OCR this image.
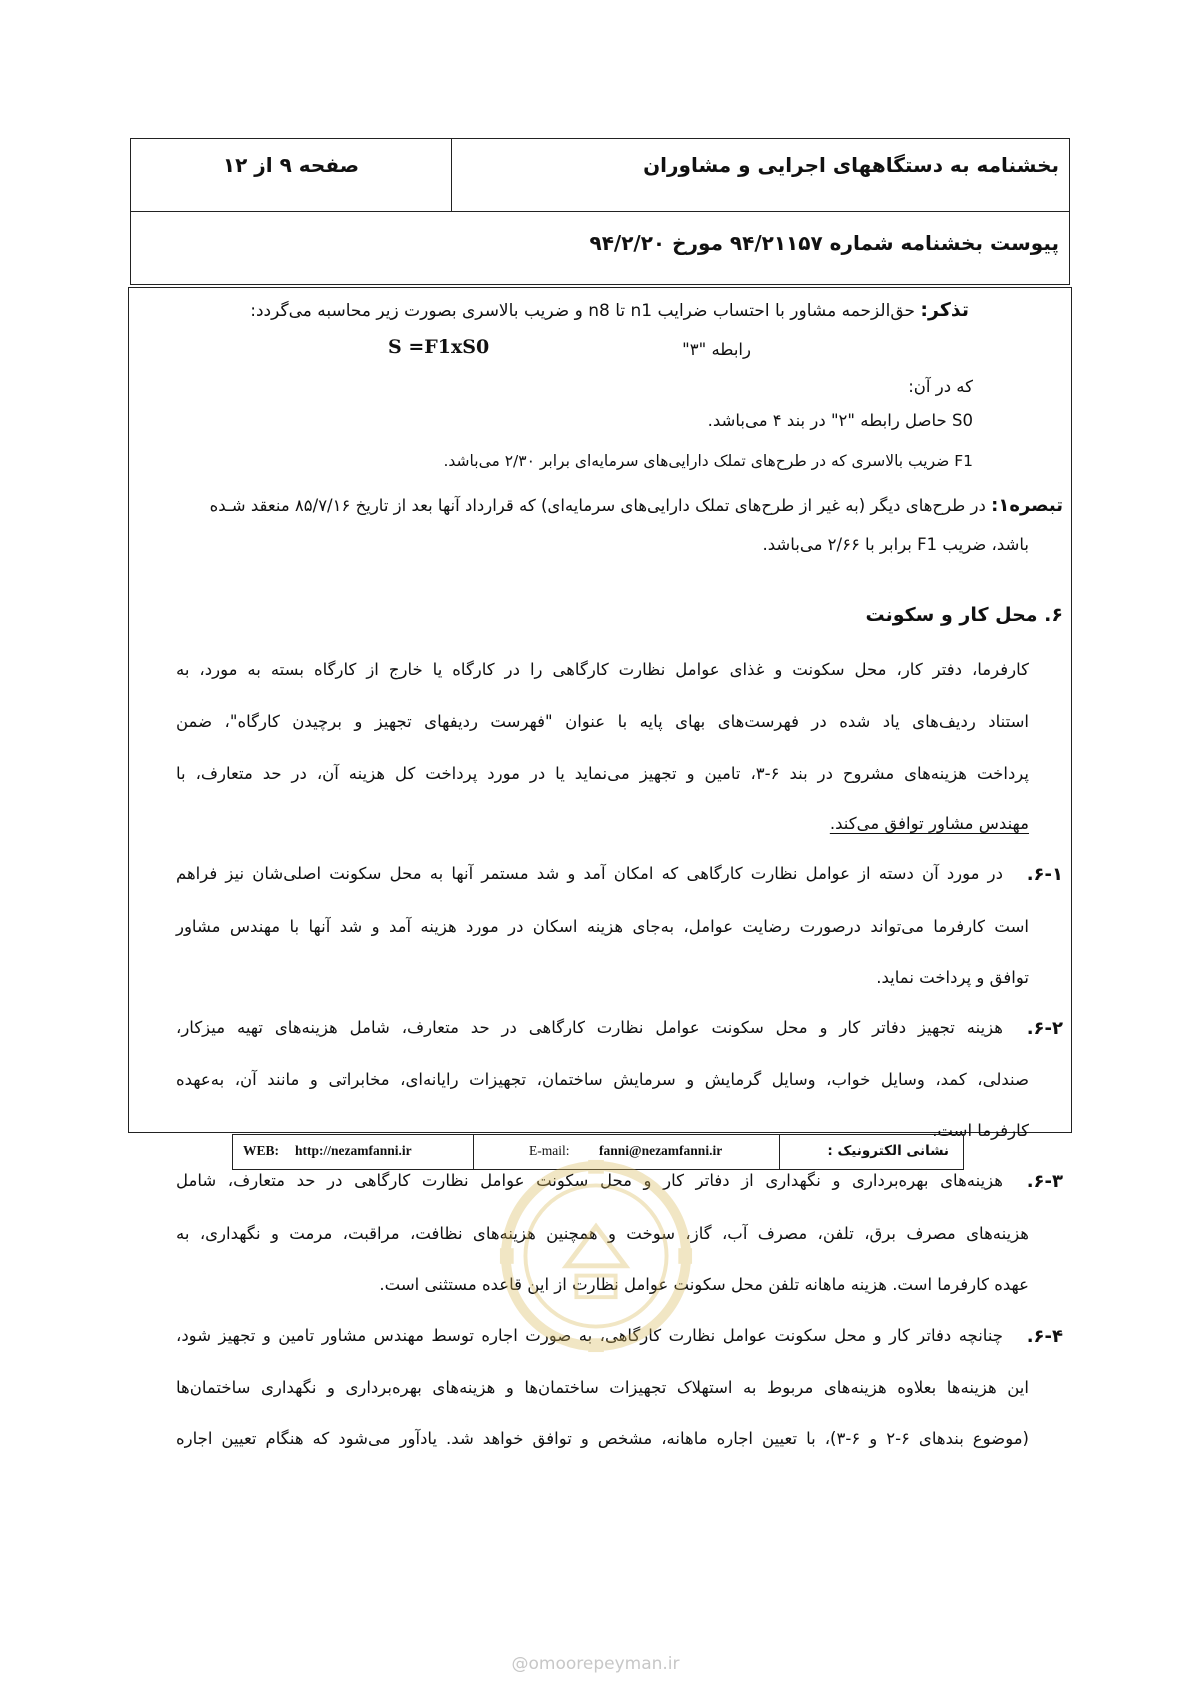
بخشنامه به دستگاههای اجرایی و مشاوران
صفحه ۹ از ۱۲
پیوست بخشنامه شماره ۹۴/۲۱۱۵۷ مورخ ۹۴/۲/۲۰
تذکر: حق‌الزحمه مشاور با احتساب ضرایب n1 تا n8 و ضریب بالاسری بصورت زیر محاسبه می‌گردد:
S =F1xS0	رابطه "۳"
که در آن:
S0 حاصل رابطه "۲" در بند ۴ می‌باشد.
F1 ضریب بالاسری که در طرح‌های تملک دارایی‌های سرمایه‌ای برابر ۲/۳۰ می‌باشد.
تبصره۱: در طرح‌های دیگر (به غیر از طرح‌های تملک دارایی‌های سرمایه‌ای) که قرارداد آنها بعد از تاریخ ۸۵/۷/۱۶ منعقد شـده
باشد، ضریب F1 برابر با ۲/۶۶ می‌باشد.
۶. محل کار و سکونت
کارفرما، دفتر کار، محل سکونت و غذای عوامل نظارت کارگاهی را در کارگاه یا خارج از کارگاه بسته به مورد، به
استناد ردیف‌های یاد شده در فهرست‌های بهای پایه با عنوان "فهرست ردیفهای تجهیز و برچیدن کارگاه"، ضمن
پرداخت هزینه‌های مشروح در بند ۶-۳، تامین و تجهیز می‌نماید یا در مورد پرداخت کل هزینه آن، در حد متعارف، با
مهندس مشاور توافق می‌کند.
۶-۱.
در مورد آن دسته از عوامل نظارت کارگاهی که امکان آمد و شد مستمر آنها به محل سکونت اصلی‌شان نیز فراهم
است کارفرما می‌تواند درصورت رضایت عوامل، به‌جای هزینه اسکان در مورد هزینه آمد و شد آنها با مهندس مشاور
توافق و پرداخت نماید.
۶-۲.
هزینه تجهیز دفاتر کار و محل سکونت عوامل نظارت کارگاهی در حد متعارف، شامل هزینه‌های تهیه میزکار،
صندلی، کمد، وسایل خواب، وسایل گرمایش و سرمایش ساختمان، تجهیزات رایانه‌ای، مخابراتی و مانند آن، به‌عهده
کارفرما است.
۶-۳.
هزینه‌های بهره‌برداری و نگهداری از دفاتر کار و محل سکونت عوامل نظارت کارگاهی در حد متعارف، شامل
هزینه‌های مصرف برق، تلفن، مصرف آب، گاز، سوخت و همچنین هزینه‌های نظافت، مراقبت، مرمت و نگهداری، به
عهده کارفرما است. هزینه ماهانه تلفن محل سکونت عوامل نظارت از این قاعده مستثنی است.
۶-۴.
چنانچه دفاتر کار و محل سکونت عوامل نظارت کارگاهی، به صورت اجاره توسط مهندس مشاور تامین و تجهیز شود،
این هزینه‌ها بعلاوه هزینه‌های مربوط به استهلاک تجهیزات ساختمان‌ها و هزینه‌های بهره‌برداری و نگهداری ساختمان‌ها
(موضوع بندهای ۶-۲ و ۶-۳)، با تعیین اجاره ماهانه، مشخص و توافق خواهد شد. یادآور می‌شود که هنگام تعیین اجاره
WEB: http://nezamfanni.ir	E-mail: fanni@nezamfanni.ir	نشانی الکترونیک :
@omoorepeyman.ir
